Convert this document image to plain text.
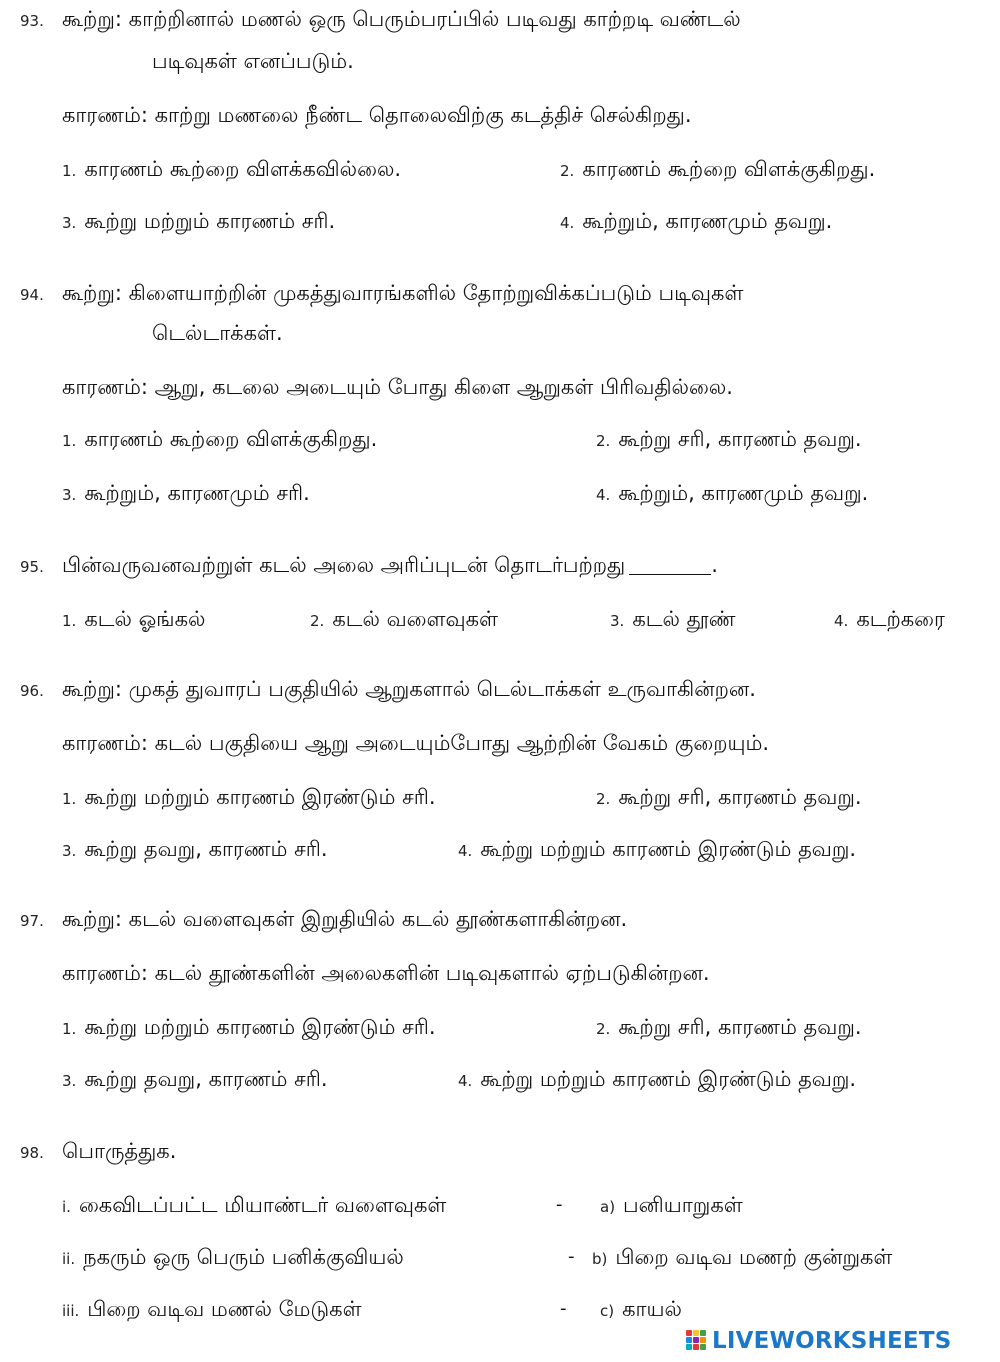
93. கூற்று: காற்றினால் மணல் ஒரு பெரும்பரப்பில் படிவது காற்றடி வண்டல்
படிவுகள் எனப்படும்.
காரணம்: காற்று மணலை நீண்ட தொலைவிற்கு கடத்திச் செல்கிறது.
1. காரணம் கூற்றை விளக்கவில்லை.	2. காரணம் கூற்றை விளக்குகிறது.
3. கூற்று மற்றும் காரணம் சரி.	4. கூற்றும், காரணமும் தவறு.
94. கூற்று: கிளையாற்றின் முகத்துவாரங்களில் தோற்றுவிக்கப்படும் படிவுகள்
டெல்டாக்கள்.
காரணம்: ஆறு, கடலை அடையும் போது கிளை ஆறுகள் பிரிவதில்லை.
1. காரணம் கூற்றை விளக்குகிறது.	2. கூற்று சரி, காரணம் தவறு.
3. கூற்றும், காரணமும் சரி.	4. கூற்றும், காரணமும் தவறு.
95. பின்வருவனவற்றுள் கடல் அலை அரிப்புடன் தொடர்பற்றது	.
1. கடல் ஓங்கல்	2. கடல் வளைவுகள்	3. கடல் தூண்	4. கடற்கரை
96. கூற்று: முகத் துவாரப் பகுதியில் ஆறுகளால் டெல்டாக்கள் உருவாகின்றன.
காரணம்: கடல் பகுதியை ஆறு அடையும்போது ஆற்றின் வேகம் குறையும்.
1. கூற்று மற்றும் காரணம் இரண்டும் சரி.	2. கூற்று சரி, காரணம் தவறு.
3. கூற்று தவறு, காரணம் சரி.	4. கூற்று மற்றும் காரணம் இரண்டும் தவறு.
97. கூற்று: கடல் வளைவுகள் இறுதியில் கடல் தூண்களாகின்றன.
காரணம்: கடல் தூண்களின் அலைகளின் படிவுகளால் ஏற்படுகின்றன.
1. கூற்று மற்றும் காரணம் இரண்டும் சரி.	2. கூற்று சரி, காரணம் தவறு.
3. கூற்று தவறு, காரணம் சரி.	4. கூற்று மற்றும் காரணம் இரண்டும் தவறு.
98. பொருத்துக.
i. கைவிடப்பட்ட மியாண்டர் வளைவுகள்	-	a) பனியாறுகள்
ii. நகரும் ஒரு பெரும் பனிக்குவியல்	- b) பிறை வடிவ மணற் குன்றுகள்
iii. பிறை வடிவ மணல் மேடுகள்	- c) காயல்
LIVEWORKSHEETS
